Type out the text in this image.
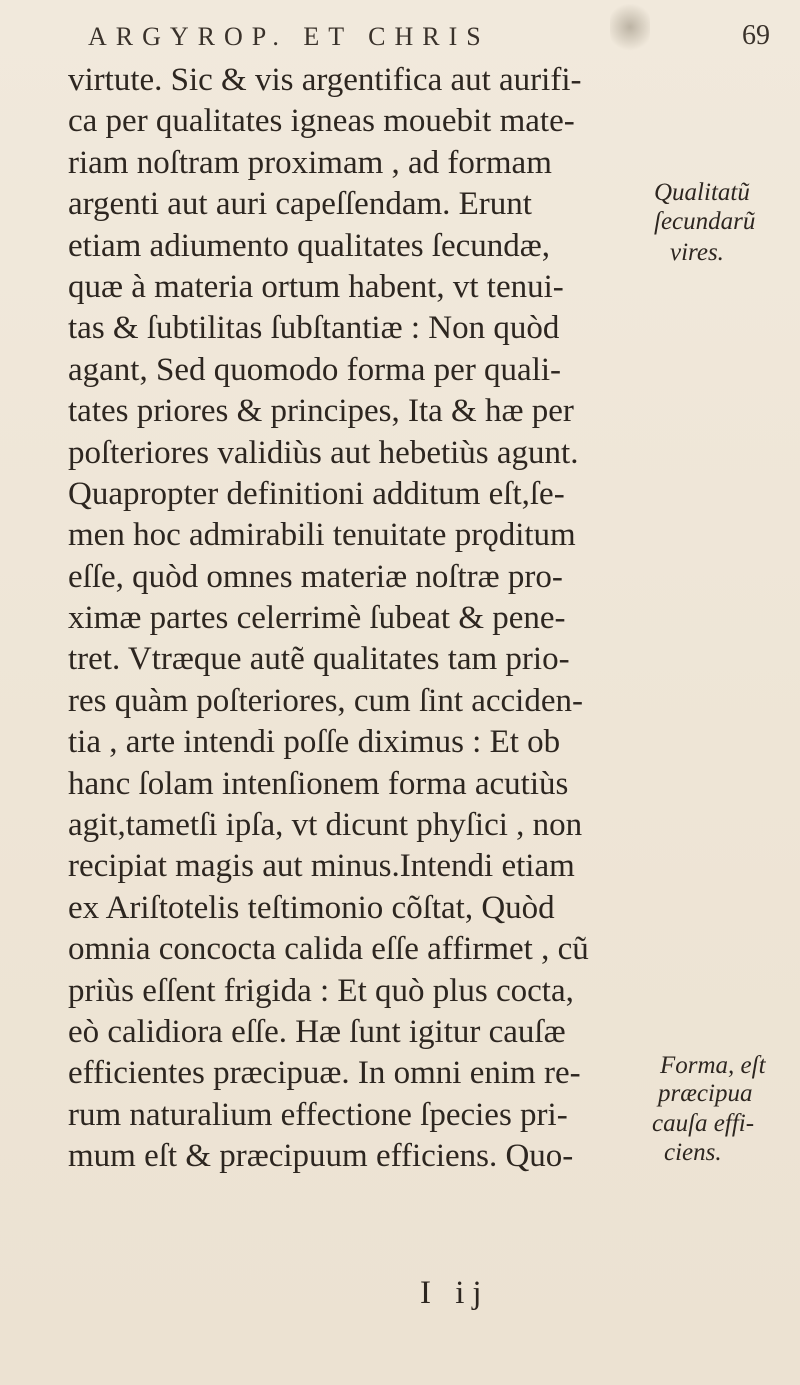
ARGYROP. ET CHRIS	69
virtute. Sic & vis argentifica aut aurifi-
ca per qualitates igneas mouebit mate-
riam noſtram proximam , ad formam
argenti aut auri capeſſendam. Erunt
etiam adiumento qualitates ſecundæ,
quæ à materia ortum habent, vt tenui-
tas & ſubtilitas ſubſtantiæ : Non quòd
agant, Sed quomodo forma per quali-
tates priores & principes, Ita & hæ per
poſteriores validiùs aut hebetiùs agunt.
Quapropter definitioni additum eſt,ſe-
men hoc admirabili tenuitate prǫditum
eſſe, quòd omnes materiæ noſtræ pro-
ximæ partes celerrimè ſubeat & pene-
tret. Vtræque autẽ qualitates tam prio-
res quàm poſteriores, cum ſint acciden-
tia , arte intendi poſſe diximus : Et ob
hanc ſolam intenſionem forma acutiùs
agit,tametſi ipſa, vt dicunt phyſici , non
recipiat magis aut minus.Intendi etiam
ex Ariſtotelis teſtimonio cõſtat, Quòd
omnia concocta calida eſſe affirmet , cũ
priùs eſſent frigida : Et quò plus cocta,
eò calidiora eſſe. Hæ ſunt igitur cauſæ
efficientes præcipuæ. In omni enim re-
rum naturalium effectione ſpecies pri-
mum eſt & præcipuum efficiens. Quo-
Qualitatũ
ſecundarũ
vires.
Forma, eſt
præcipua
cauſa effi-
ciens.
I ij
